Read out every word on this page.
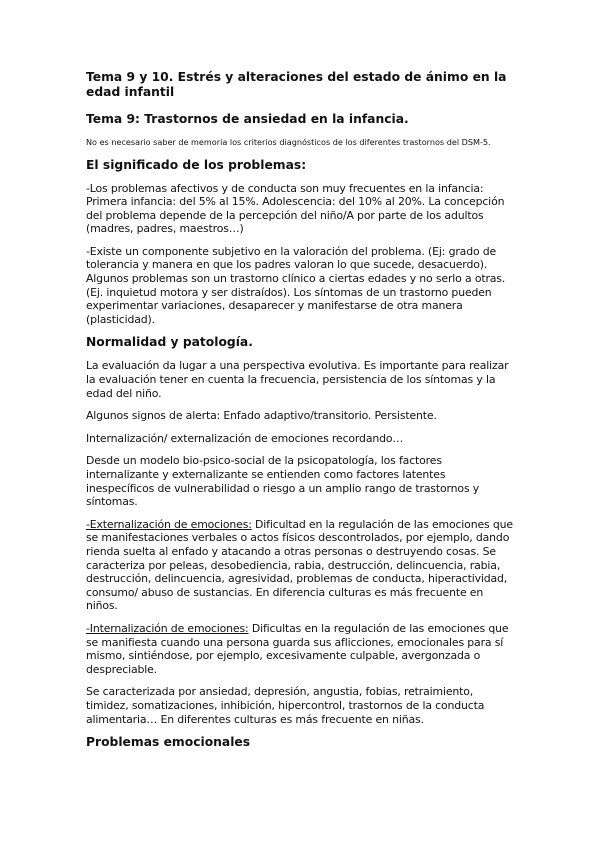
Tema 9 y 10. Estrés y alteraciones del estado de ánimo en la edad infantil
Tema 9: Trastornos de ansiedad en la infancia.
No es necesario saber de memoria los criterios diagnósticos de los diferentes trastornos del DSM-5.
El significado de los problemas:

-Los problemas afectivos y de conducta son muy frecuentes en la infancia: Primera infancia: del 5% al 15%. Adolescencia: del 10% al 20%. La concepción del problema depende de la percepción del niño/A por parte de los adultos (madres, padres, maestros…)

-Existe un componente subjetivo en la valoración del problema. (Ej: grado de tolerancia y manera en que los padres valoran lo que sucede, desacuerdo). Algunos problemas son un trastorno clínico a ciertas edades y no serlo a otras. (Ej. inquietud motora y ser distraídos). Los síntomas de un trastorno pueden experimentar variaciones, desaparecer y manifestarse de otra manera (plasticidad).

Normalidad y patología.

La evaluación da lugar a una perspectiva evolutiva. Es importante para realizar la evaluación tener en cuenta la frecuencia, persistencia de los síntomas y la edad del niño.

Algunos signos de alerta: Enfado adaptivo/transitorio. Persistente.

Internalización/ externalización de emociones recordando…

Desde un modelo bio-psico-social de la psicopatología, los factores internalizante y externalizante se entienden como factores latentes inespecíficos de vulnerabilidad o riesgo a un amplio rango de trastornos y síntomas.

-Externalización de emociones: Dificultad en la regulación de las emociones que se manifestaciones verbales o actos físicos descontrolados, por ejemplo, dando rienda suelta al enfado y atacando a otras personas o destruyendo cosas. Se caracteriza por peleas, desobediencia, rabia, destrucción, delincuencia, rabia, destrucción, delincuencia, agresividad, problemas de conducta, hiperactividad, consumo/ abuso de sustancias. En diferencia culturas es más frecuente en niños.

-Internalización de emociones: Dificultas en la regulación de las emociones que se manifiesta cuando una persona guarda sus aflicciones, emocionales para sí mismo, sintiéndose, por ejemplo, excesivamente culpable, avergonzada o despreciable.

Se caracterizada por ansiedad, depresión, angustia, fobias, retraimiento, timidez, somatizaciones, inhibición, hipercontrol, trastornos de la conducta alimentaria… En diferentes culturas es más frecuente en niñas.

Problemas emocionales
